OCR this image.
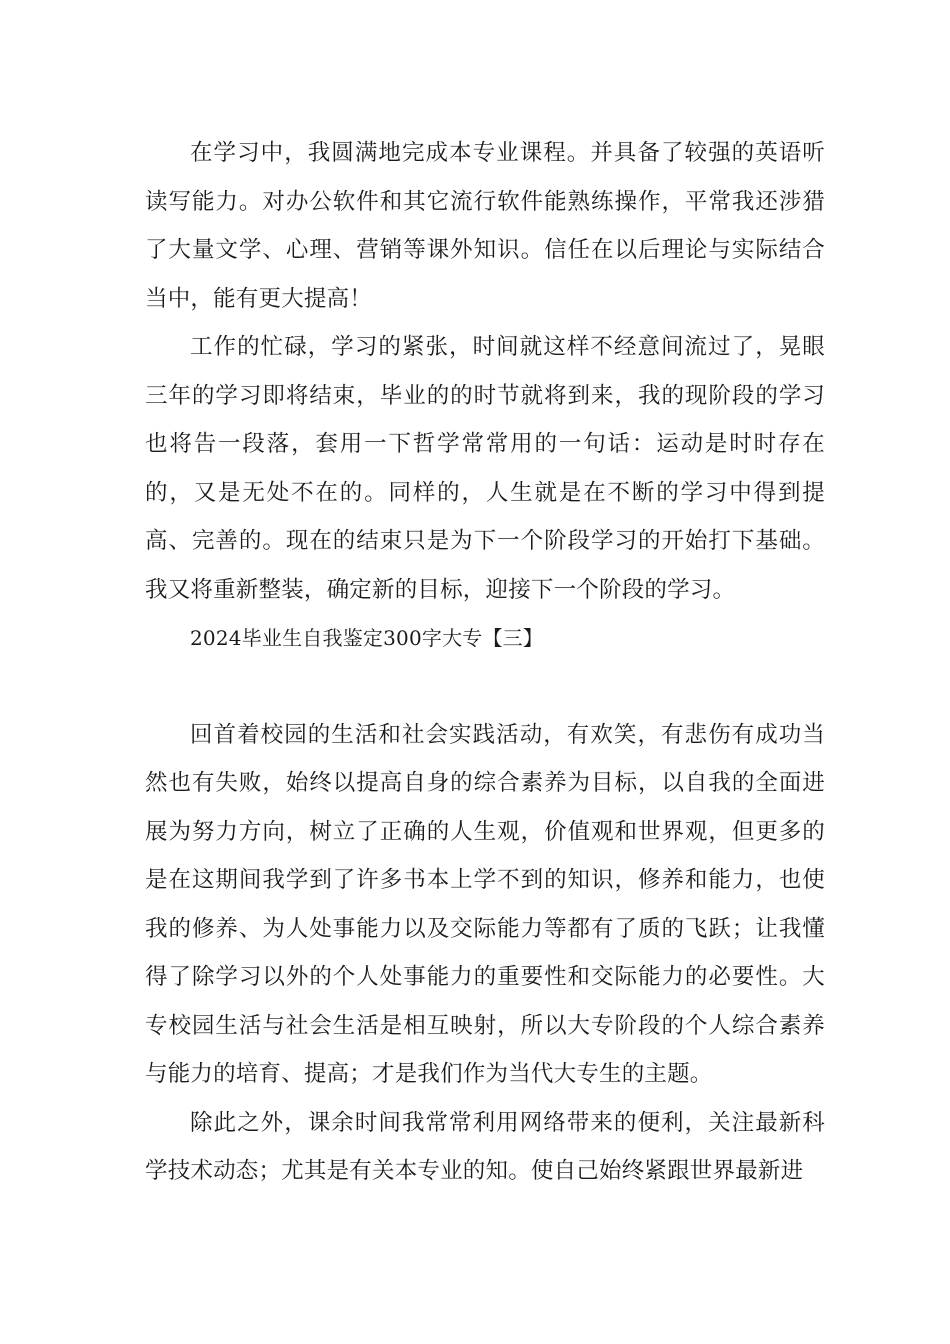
在学习中，我圆满地完成本专业课程。并具备了较强的英语听读写能力。对办公软件和其它流行软件能熟练操作，平常我还涉猎了大量文学、心理、营销等课外知识。信任在以后理论与实际结合当中，能有更大提高！

工作的忙碌，学习的紧张，时间就这样不经意间流过了，晃眼三年的学习即将结束，毕业的的时节就将到来，我的现阶段的学习也将告一段落，套用一下哲学常常用的一句话：运动是时时存在的，又是无处不在的。同样的，人生就是在不断的学习中得到提高、完善的。现在的结束只是为下一个阶段学习的开始打下基础。我又将重新整装，确定新的目标，迎接下一个阶段的学习。

2024毕业生自我鉴定300字大专【三】

回首着校园的生活和社会实践活动，有欢笑，有悲伤有成功当然也有失败，始终以提高自身的综合素养为目标，以自我的全面进展为努力方向，树立了正确的人生观，价值观和世界观，但更多的是在这期间我学到了许多书本上学不到的知识，修养和能力，也使我的修养、为人处事能力以及交际能力等都有了质的飞跃；让我懂得了除学习以外的个人处事能力的重要性和交际能力的必要性。大专校园生活与社会生活是相互映射，所以大专阶段的个人综合素养与能力的培育、提高；才是我们作为当代大专生的主题。

除此之外，课余时间我常常利用网络带来的便利，关注最新科学技术动态；尤其是有关本专业的知。使自己始终紧跟世界最新进
